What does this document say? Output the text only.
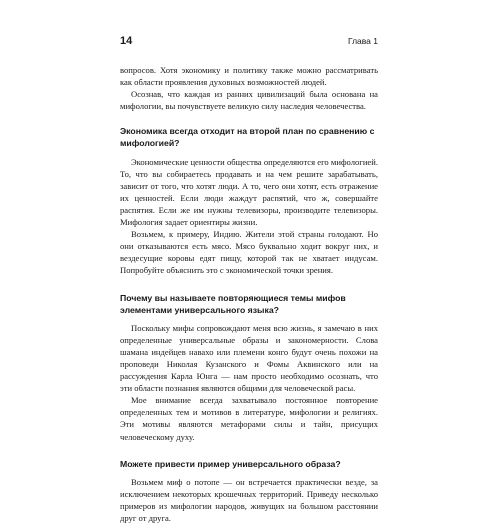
14	Глава 1

вопросов. Хотя экономику и политику также можно рассматривать как области проявления духовных возможностей людей.

Осознав, что каждая из ранних цивилизаций была основана на мифологии, вы почувствуете великую силу наследия человечества.

Экономика всегда отходит на второй план по сравнению с мифологией?

Экономические ценности общества определяются его мифологией. То, что вы собираетесь продавать и на чем решите зарабатывать, зависит от того, что хотят люди. А то, чего они хотят, есть отражение их ценностей. Если люди жаждут распятий, что ж, совершайте распятия. Если же им нужны телевизоры, производите телевизоры. Мифология задает ориентиры жизни.

Возьмем, к примеру, Индию. Жители этой страны голодают. Но они отказываются есть мясо. Мясо буквально ходит вокруг них, и вездесущие коровы едят пищу, которой так не хватает индусам. Попробуйте объяснить это с экономической точки зрения.

Почему вы называете повторяющиеся темы мифов элементами универсального языка?

Поскольку мифы сопровождают меня всю жизнь, я замечаю в них определенные универсальные образы и закономерности. Слова шамана индейцев навахо или племени конго будут очень похожи на проповеди Николая Кузанского и Фомы Аквинского или на рассуждения Карла Юнга — нам просто необходимо осознать, что эти области познания являются общими для человеческой расы.

Мое внимание всегда захватывало постоянное повторение определенных тем и мотивов в литературе, мифологии и религиях. Эти мотивы являются метафорами силы и тайн, присущих человеческому духу.

Можете привести пример универсального образа?

Возьмем миф о потопе — он встречается практически везде, за исключением некоторых крошечных территорий. Приведу несколько примеров из мифологии народов, живущих на большом расстоянии друг от друга.
